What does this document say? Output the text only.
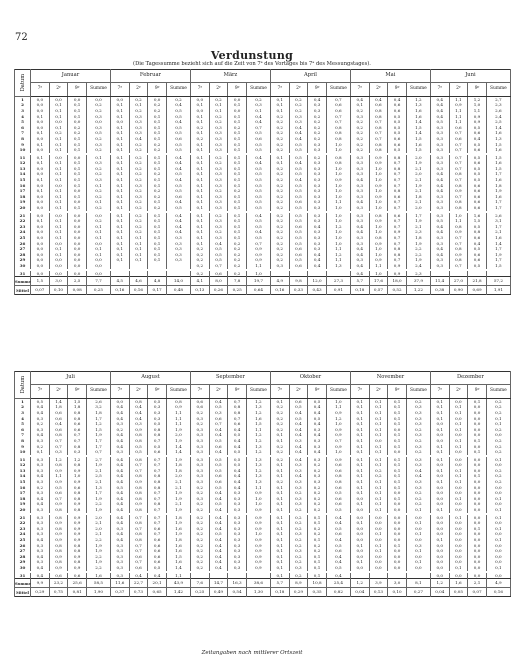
72
Verdunstung
(Die Tagessumme bezieht sich auf die Zeit von 7ᵃ des Vortages bis 7ᵃ des Messungstages).
Datum	Januar				Februar				März				April				Mai				Juni			
	7ᵃ	2ᵖ	9ᵖ	Summe	7ᵃ	2ᵖ	9ᵖ	Summe	7ᵃ	2ᵖ	9ᵖ	Summe	7ᵃ	2ᵖ	9ᵖ	Summe	7ᵃ	2ᵖ	9ᵖ	Summe	7ᵃ	2ᵖ	9ᵖ	Summe
1	0,0	0,0	0,0	0,0	0,0	0,2	0,0	0,2	0,0	0,2	0,0	0,2	0,1	0,2	0,4	0,7	0,4	0,4	0,4	1,2	0,4	1,1	1,2	2,7
2	0,0	0,1	0,1	0,2	0,1	0,1	0,2	0,4	0,1	0,1	0,1	0,3	0,1	0,2	0,3	0,6	0,1	0,6	0,6	1,3	0,4	0,9	1,0	2,3
3	0,0	0,1	0,1	0,2	0,1	0,2	0,2	0,5	0,0	0,1	0,0	0,1	0,1	0,2	0,3	0,6	0,2	0,8	0,6	1,6	0,4	1,1	1,1	2,6
4	0,1	0,1	0,1	0,3	0,1	0,3	0,1	0,5	0,1	0,2	0,1	0,4	0,2	0,3	0,2	0,7	0,3	0,8	0,5	1,6	0,4	1,1	0,9	2,4
5	0,0	0,0	0,0	0,0	0,0	0,3	0,1	0,4	0,1	0,2	0,1	0,4	0,2	0,3	0,2	0,7	0,2	0,7	0,5	1,4	0,5	1,1	0,9	2,5
6	0,0	0,1	0,2	0,3	0,1	0,3	0,1	0,5	0,2	0,3	0,2	0,7	0,2	0,4	0,2	0,8	0,2	0,8	0,5	1,5	0,3	0,6	0,5	1,4
7	0,1	0,2	0,2	0,5	0,1	0,3	0,1	0,5	0,1	0,3	0,1	0,5	0,2	0,4	0,2	0,8	0,2	0,7	0,5	1,4	0,3	0,7	0,6	1,6
8	0,0	0,1	0,1	0,2	0,1	0,4	0,1	0,6	0,2	0,3	0,1	0,6	0,2	0,4	0,2	0,8	0,2	0,7	0,6	1,5	0,3	0,6	0,4	1,3
9	0,1	0,1	0,1	0,3	0,1	0,2	0,2	0,5	0,1	0,3	0,1	0,5	0,2	0,5	0,3	1,0	0,2	0,8	0,6	1,6	0,3	0,7	0,5	1,5
10	0,0	0,1	0,1	0,2	0,1	0,2	0,2	0,5	0,1	0,3	0,1	0,5	0,2	0,5	0,3	1,0	0,2	0,8	0,5	1,5	0,3	0,7	0,6	1,6

11	0,1	0,0	0,0	0,1	0,1	0,2	0,1	0,4	0,1	0,2	0,1	0,4	0,1	0,5	0,2	0,8	0,3	0,9	0,8	2,0	0,3	0,7	0,5	1,5
12	0,1	0,1	0,1	0,3	0,1	0,2	0,1	0,4	0,1	0,2	0,1	0,4	0,1	0,4	0,3	0,8	0,3	0,9	0,7	1,9	0,3	0,7	0,6	1,6
13	0,0	0,1	0,1	0,2	0,1	0,2	0,1	0,4	0,1	0,3	0,1	0,5	0,2	0,5	0,3	1,0	0,3	1,0	0,8	2,1	0,3	0,7	0,5	1,5
14	0,0	0,1	0,1	0,2	0,1	0,2	0,2	0,5	0,1	0,3	0,1	0,5	0,2	0,5	0,3	1,0	0,3	1,0	0,7	2,0	0,4	0,8	0,5	1,7
15	0,1	0,1	0,1	0,3	0,1	0,2	0,1	0,4	0,1	0,3	0,1	0,5	0,2	0,4	0,3	0,9	0,4	1,0	0,7	2,1	0,4	0,7	0,5	1,6
16	0,0	0,0	0,1	0,1	0,1	0,3	0,1	0,5	0,1	0,3	0,1	0,5	0,2	0,5	0,3	1,0	0,3	0,9	0,7	1,9	0,4	0,8	0,6	1,8
17	0,1	0,1	0,0	0,2	0,1	0,2	0,2	0,5	0,1	0,2	0,2	0,5	0,2	0,5	0,3	1,0	0,3	1,0	0,8	2,1	0,4	0,9	0,6	1,9
18	0,0	0,1	0,1	0,2	0,1	0,3	0,2	0,6	0,1	0,3	0,1	0,5	0,2	0,5	0,3	1,0	0,3	0,9	0,6	1,8	0,3	0,7	0,6	1,6
19	0,0	0,1	0,0	0,1	0,1	0,2	0,1	0,4	0,1	0,3	0,1	0,5	0,2	0,6	0,3	1,1	0,4	1,0	0,7	2,1	0,3	0,8	0,6	1,7
20	0,0	0,1	0,1	0,2	0,1	0,2	0,2	0,5	0,1	0,3	0,1	0,5	0,2	0,5	0,3	1,0	0,3	1,0	0,7	2,0	0,3	0,8	0,6	1,7

21	0,0	0,0	0,0	0,0	0,1	0,2	0,1	0,4	0,1	0,2	0,1	0,4	0,2	0,5	0,3	1,0	0,3	0,8	0,6	1,7	0,3	1,0	1,6	2,6
22	0,1	0,1	0,0	0,2	0,1	0,2	0,1	0,4	0,1	0,3	0,1	0,5	0,2	0,5	0,3	1,0	0,3	0,9	0,7	1,9	0,5	1,1	1,5	3,1
23	0,0	0,1	0,0	0,1	0,1	0,2	0,1	0,4	0,1	0,3	0,1	0,5	0,2	0,6	0,4	1,2	0,4	1,0	0,7	2,1	0,4	0,8	0,5	1,7
24	0,0	0,1	0,0	0,1	0,1	0,2	0,1	0,4	0,1	0,2	0,1	0,4	0,2	0,5	0,3	1,0	0,4	1,0	0,9	2,3	0,4	0,9	0,8	2,1
25	0,0	0,1	0,0	0,1	0,1	0,1	0,1	0,3	0,1	0,3	0,1	0,5	0,2	0,5	0,3	1,0	0,3	0,8	0,7	1,8	0,3	0,7	0,6	1,6
26	0,0	0,0	0,0	0,0	0,1	0,1	0,1	0,3	0,1	0,4	0,2	0,7	0,2	0,5	0,3	1,0	0,3	0,9	0,7	1,9	0,3	0,7	0,4	1,4
27	0,0	0,1	0,0	0,1	0,1	0,1	0,1	0,3	0,2	0,5	0,2	0,9	0,2	0,6	0,3	1,1	0,4	1,0	0,8	2,2	0,4	0,8	0,5	1,7
28	0,0	0,1	0,0	0,1	0,1	0,1	0,1	0,3	0,2	0,5	0,2	0,9	0,2	0,6	0,4	1,2	0,4	1,0	0,8	2,2	0,4	0,9	0,6	1,9
29	0,0	0,0	0,0	0,0	0,1	0,1	0,1	0,3	0,2	0,5	0,2	0,9	0,2	0,5	0,4	1,1	0,3	0,9	0,7	1,9	0,3	0,8	0,6	1,7
30	0,0	0,0	0,0	0,0					0,2	0,7	0,2	1,1	0,3	0,6	0,4	1,3	0,4	1,1	0,9	2,4	0,3	0,7	0,5	1,5

31	0,0	0,0	0,0	0,0					0,2	0,6	0,2	1,0					0,4	1,0	0,9	2,3				
Summe	1,5	3,0	2,5	7,7	4,5	4,6	4,8	14,0	4,1	8,0	7,8	19,7	4,9	9,8	12,0	27,3	5,7	17,6	18,0	37,9	11,4	27,0	21,8	57,2
Mittel	0,07	0,10	0,08	0,25	0,16	0,16	0,17	0,48	0,13	0,26	0,25	0,64	0,16	0,33	0,43	0,91	0,18	0,57	0,52	1,22	0,38	0,90	0,69	1,91
Datum	Juli				August				September				Oktober				November				Dezember			
	7ᵃ	2ᵖ	9ᵖ	Summe	7ᵃ	2ᵖ	9ᵖ	Summe	7ᵃ	2ᵖ	9ᵖ	Summe	7ᵃ	2ᵖ	9ᵖ	Summe	7ᵃ	2ᵖ	9ᵖ	Summe	7ᵃ	2ᵖ	9ᵖ	Summe
1	0,5	1,4	1,5	2,6	0,0	0,8	0,5	0,8	0,6	0,4	0,7	1,2	0,1	0,6	0,5	1,0	0,1	0,1	0,1	0,2	0,1	0,0	0,1	0,2
2	0,4	1,8	1,8	3,2	0,4	0,4	0,3	0,9	0,6	0,5	0,8	1,3	0,2	0,5	0,4	1,1	0,1	0,1	0,1	0,3	0,1	0,1	0,0	0,2
3	0,4	0,6	0,8	1,8	0,4	0,4	0,3	1,1	0,2	0,3	0,8	1,2	0,2	0,4	0,4	0,9	0,1	0,1	0,1	0,3	0,1	0,1	0,0	0,2
4	0,3	0,6	0,8	1,7	0,4	0,4	0,3	1,1	0,3	0,6	0,7	1,6	0,2	0,5	0,5	1,2	0,1	0,1	0,1	0,3	0,1	0,0	0,0	0,1
5	0,2	0,4	0,6	1,2	0,3	0,3	0,5	1,1	0,2	0,7	0,6	1,5	0,2	0,4	0,4	1,0	0,1	0,1	0,1	0,3	0,0	0,1	0,0	0,1
6	0,3	0,6	0,6	1,5	0,2	0,9	0,8	1,9	0,3	0,4	0,4	1,1	0,2	0,4	0,3	0,9	0,1	0,1	0,0	0,2	0,1	0,1	0,0	0,2
7	0,4	0,8	0,7	1,9	0,4	0,8	0,8	2,0	0,3	0,4	0,5	1,2	0,1	0,4	0,4	0,9	0,1	0,1	0,1	0,3	0,0	0,0	0,0	0,0
8	0,3	0,7	0,7	1,7	0,4	0,8	0,7	1,9	0,3	0,5	0,4	1,2	0,1	0,3	0,3	0,7	0,1	0,0	0,1	0,2	0,0	0,1	0,1	0,2
9	0,2	0,7	0,8	1,7	0,4	0,5	0,5	1,4	0,3	0,6	0,4	1,3	0,2	0,4	0,3	0,9	0,1	0,1	0,1	0,3	0,1	0,1	0,0	0,2
10	0,1	0,3	0,3	0,7	0,3	0,5	0,6	1,4	0,3	0,4	0,5	1,2	0,2	0,4	0,4	1,0	0,1	0,1	0,0	0,2	0,1	0,0	0,1	0,2

11	0,3	1,2	1,2	2,7	0,4	0,8	0,7	1,9	0,3	0,5	0,5	1,3	0,2	0,4	0,3	0,9	0,1	0,1	0,1	0,3	0,1	0,0	0,0	0,1
12	0,3	0,8	0,8	1,9	0,4	0,7	0,7	1,8	0,3	0,5	0,5	1,3	0,1	0,3	0,2	0,6	0,1	0,1	0,1	0,3	0,0	0,0	0,0	0,0
13	0,3	0,9	0,9	2,1	0,4	0,7	0,7	1,8	0,3	0,5	0,4	1,2	0,1	0,3	0,2	0,6	0,1	0,2	0,1	0,4	0,1	0,1	0,0	0,2
14	0,4	1,1	1,0	2,5	0,4	0,8	0,8	2,0	0,3	0,6	0,4	1,3	0,1	0,4	0,3	0,8	0,1	0,2	0,1	0,4	0,0	0,1	0,1	0,2
15	0,3	0,9	0,9	2,1	0,4	0,9	0,8	2,1	0,3	0,6	0,4	1,3	0,2	0,3	0,3	0,8	0,1	0,1	0,1	0,3	0,1	0,1	0,0	0,2
16	0,2	0,5	0,6	1,3	0,5	0,8	0,8	2,1	0,2	0,5	0,4	1,1	0,1	0,3	0,2	0,6	0,1	0,1	0,1	0,3	0,0	0,0	0,0	0,0
17	0,3	0,6	0,8	1,7	0,4	0,8	0,7	1,9	0,2	0,4	0,3	0,9	0,1	0,2	0,2	0,5	0,1	0,1	0,0	0,2	0,0	0,0	0,0	0,0
18	0,4	0,7	0,8	1,9	0,4	0,8	0,7	1,9	0,3	0,4	0,3	1,0	0,1	0,3	0,2	0,6	0,0	0,1	0,1	0,2	0,0	0,1	0,0	0,1
19	0,4	0,9	0,9	2,2	0,4	0,9	0,8	2,1	0,2	0,5	0,3	1,0	0,1	0,3	0,2	0,6	0,1	0,1	0,0	0,2	0,0	0,0	0,0	0,0
20	0,3	0,8	0,8	1,9	0,4	0,8	0,7	1,9	0,2	0,4	0,3	0,9	0,1	0,2	0,2	0,5	0,0	0,1	0,0	0,1	0,1	0,0	0,0	0,1

21	0,3	0,8	0,9	2,0	0,4	0,7	0,7	1,8	0,2	0,4	0,3	0,9	0,1	0,2	0,1	0,4	0,0	0,0	0,0	0,0	0,0	0,1	0,0	0,1
22	0,3	0,9	0,9	2,1	0,4	0,8	0,7	1,9	0,2	0,4	0,3	0,9	0,1	0,2	0,1	0,4	0,1	0,0	0,0	0,1	0,0	0,0	0,0	0,0
23	0,3	0,8	0,9	2,0	0,3	0,7	0,6	1,6	0,2	0,4	0,3	0,9	0,1	0,2	0,2	0,5	0,0	0,0	0,0	0,0	0,0	0,0	0,1	0,1
24	0,3	0,9	0,9	2,1	0,4	0,8	0,7	1,9	0,2	0,5	0,3	1,0	0,1	0,3	0,2	0,6	0,0	0,1	0,0	0,1	0,0	0,0	0,0	0,0
25	0,4	0,9	0,9	2,2	0,4	0,8	0,6	1,8	0,2	0,4	0,3	0,9	0,1	0,2	0,1	0,4	0,0	0,0	0,0	0,0	0,1	0,0	0,0	0,1
26	0,3	0,8	0,8	1,9	0,3	0,7	0,6	1,6	0,2	0,4	0,3	0,9	0,1	0,2	0,2	0,5	0,1	0,1	0,1	0,3	0,0	0,0	0,0	0,0
27	0,3	0,8	0,8	1,9	0,3	0,7	0,6	1,6	0,2	0,4	0,3	0,9	0,1	0,3	0,2	0,6	0,0	0,1	0,0	0,1	0,0	0,0	0,0	0,0
28	0,4	0,9	0,9	2,2	0,3	0,6	0,6	1,5	0,2	0,4	0,3	0,9	0,1	0,2	0,1	0,4	0,0	0,0	0,0	0,0	0,0	0,0	0,0	0,0
29	0,3	0,8	0,8	1,9	0,3	0,7	0,6	1,6	0,2	0,4	0,3	0,9	0,1	0,2	0,1	0,4	0,1	0,0	0,0	0,1	0,0	0,0	0,0	0,0
30	0,4	0,9	0,9	2,2	0,3	0,6	0,5	1,4	0,2	0,4	0,3	0,9	0,1	0,3	0,1	0,5	0,0	0,0	0,0	0,0	0,0	0,1	0,0	0,1

31	0,4	0,6	0,6	1,6	0,3	0,4	0,4	1,1					0,1	0,2	0,1	0,4					0,0	0,0	0,0	0,0
Summe	9,9	23,2	25,6	58,5	11,6	22,7	20,1	43,9	7,6	14,7	16,3	38,6	5,7	8,9	10,8	25,4	1,2	3,9	3,0	8,1	1,2	1,6	2,1	4,9
Mittel	0,29	0,75	0,81	1,90	0,37	0,73	0,65	1,42	0,25	0,49	0,54	1,30	0,18	0,29	0,35	0,82	0,04	0,13	0,10	0,27	0,04	0,05	0,07	0,16
Zeitangaben nach mittlerer Ortszeit
